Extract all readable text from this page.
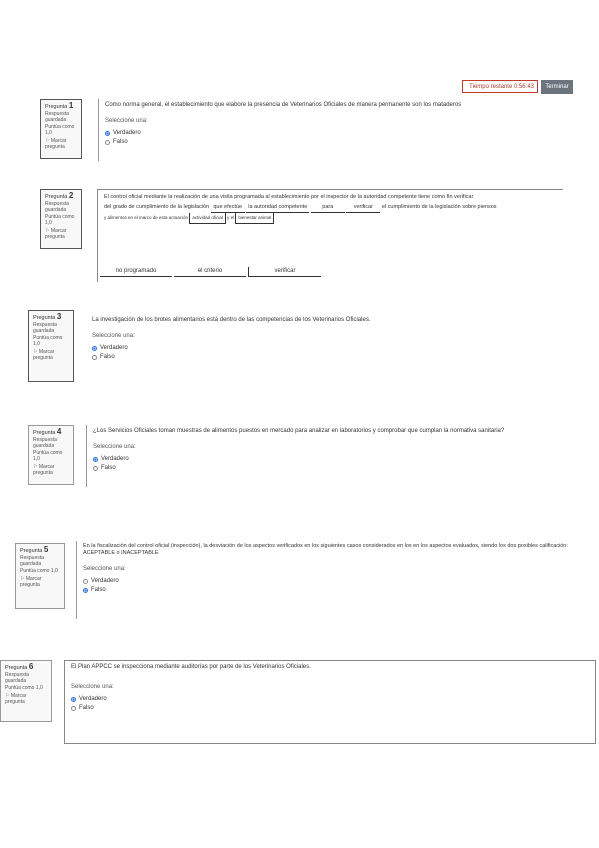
Tiempo restante 0:56:43	Terminar
Pregunta 1
Respuesta guardada
Puntúa como 1,0
⚐ Marcar pregunta
Como norma general, el establecimiento que elabore la presencia de Veterinarios Oficiales de manera permanente son los mataderos
Seleccione una:
Verdadero
Falso
Pregunta 2
Respuesta guardada
Puntúa como 1,0
⚐ Marcar pregunta
El control oficial mediante la realización de una visita programada al establecimiento por el inspector de la autoridad competente tiene como fin verificar
del grado de cumplimiento de la legislación que efectúe la autoridad competente	para	verificar el cumplimiento de la legislación sobre piensos
y alimentos en el marco de esta actuación actividad oficial y el bienestar animal
no programado	el criterio	verificar
Pregunta 3
Respuesta guardada
Puntúa como 1,0
⚐ Marcar pregunta
La investigación de los brotes alimentarios está dentro de las competencias de los Veterinarios Oficiales.
Seleccione una:
Verdadero
Falso
Pregunta 4
Respuesta guardada
Puntúa como 1,0
⚐ Marcar pregunta
¿Los Servicios Oficiales toman muestras de alimentos puestos en mercado para analizar en laboratorios y comprobar que cumplan la normativa sanitaria?
Seleccione una:
Verdadero
Falso
Pregunta 5
Respuesta guardada
Puntúa como 1,0
⚐ Marcar pregunta
En la fiscalización del control oficial (inspección), la desviación de los aspectos verificados en los siguientes casos considerados en los en los aspectos evaluados, siendo los dos posibles calificación: ACEPTABLE o INACEPTABLE
Seleccione una:
Verdadero
Falso
Pregunta 6
Respuesta guardada
Puntúa como 1,0
⚐ Marcar pregunta
El Plan APPCC se inspecciona mediante auditorías por parte de los Veterinarios Oficiales.
Seleccione una:
Verdadero
Falso
